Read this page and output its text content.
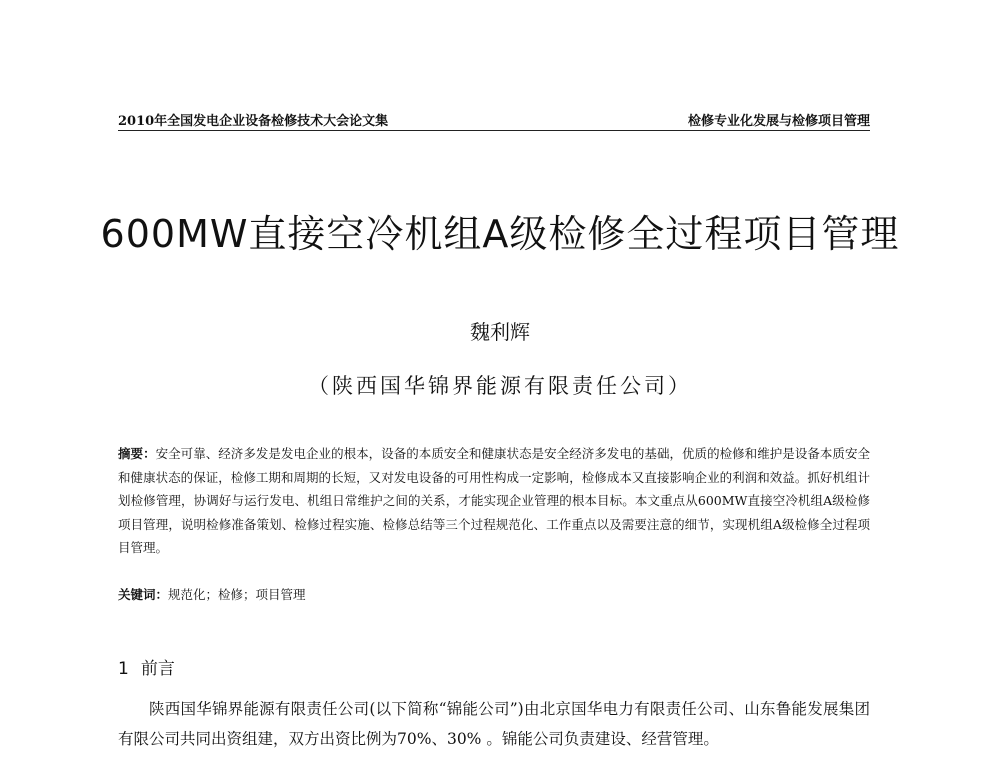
2010年全国发电企业设备检修技术大会论文集	检修专业化发展与检修项目管理
600MW直接空冷机组A级检修全过程项目管理
魏利辉
（陕西国华锦界能源有限责任公司）
摘要：安全可靠、经济多发是发电企业的根本，设备的本质安全和健康状态是安全经济多发电的基础，优质的检修和维护是设备本质安全和健康状态的保证，检修工期和周期的长短，又对发电设备的可用性构成一定影响，检修成本又直接影响企业的利润和效益。抓好机组计划检修管理，协调好与运行发电、机组日常维护之间的关系，才能实现企业管理的根本目标。本文重点从600MW直接空冷机组A级检修项目管理，说明检修准备策划、检修过程实施、检修总结等三个过程规范化、工作重点以及需要注意的细节，实现机组A级检修全过程项目管理。
关键词：规范化；检修；项目管理
1 前言
陕西国华锦界能源有限责任公司(以下简称“锦能公司”)由北京国华电力有限责任公司、山东鲁能发展集团有限公司共同出资组建，双方出资比例为70%、30% 。锦能公司负责建设、经营管理。
